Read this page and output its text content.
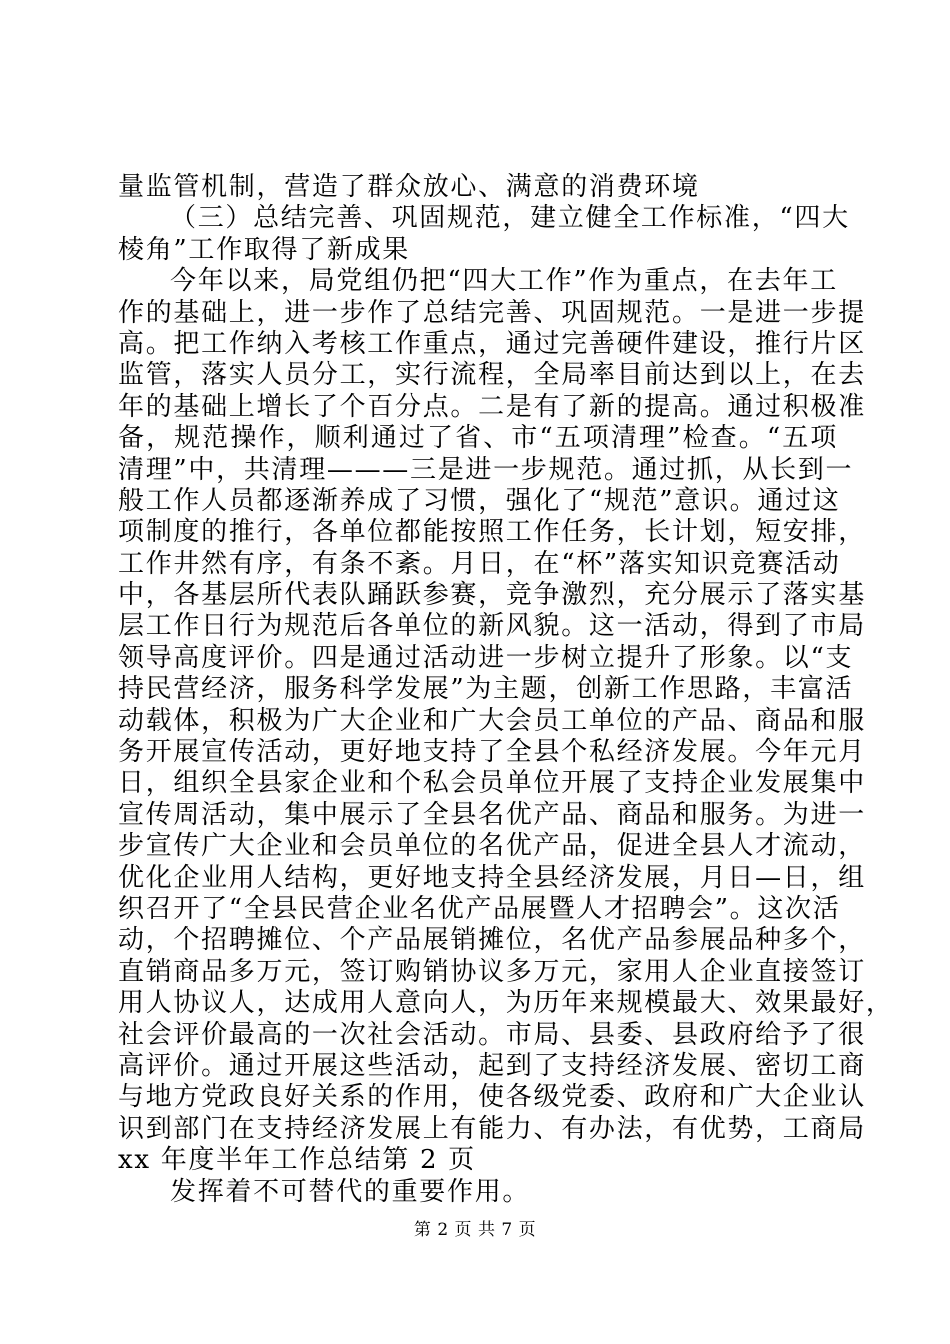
量监管机制，营造了群众放心、满意的消费环境
（三）总结完善、巩固规范，建立健全工作标准，“四大
棱角”工作取得了新成果
今年以来，局党组仍把“四大工作”作为重点，在去年工
作的基础上，进一步作了总结完善、巩固规范。一是进一步提
高。把工作纳入考核工作重点，通过完善硬件建设，推行片区
监管，落实人员分工，实行流程，全局率目前达到以上，在去
年的基础上增长了个百分点。二是有了新的提高。通过积极准
备，规范操作，顺利通过了省、市“五项清理”检查。“五项
清理”中，共清理———三是进一步规范。通过抓，从长到一
般工作人员都逐渐养成了习惯，强化了“规范”意识。通过这
项制度的推行，各单位都能按照工作任务，长计划，短安排，
工作井然有序，有条不紊。月日，在“杯”落实知识竞赛活动
中，各基层所代表队踊跃参赛，竞争激烈，充分展示了落实基
层工作日行为规范后各单位的新风貌。这一活动，得到了市局
领导高度评价。四是通过活动进一步树立提升了形象。以“支
持民营经济，服务科学发展”为主题，创新工作思路，丰富活
动载体，积极为广大企业和广大会员工单位的产品、商品和服
务开展宣传活动，更好地支持了全县个私经济发展。今年元月
日，组织全县家企业和个私会员单位开展了支持企业发展集中
宣传周活动，集中展示了全县名优产品、商品和服务。为进一
步宣传广大企业和会员单位的名优产品，促进全县人才流动，
优化企业用人结构，更好地支持全县经济发展，月日—日，组
织召开了“全县民营企业名优产品展暨人才招聘会”。这次活
动，个招聘摊位、个产品展销摊位，名优产品参展品种多个，
直销商品多万元，签订购销协议多万元，家用人企业直接签订
用人协议人，达成用人意向人，为历年来规模最大、效果最好，
社会评价最高的一次社会活动。市局、县委、县政府给予了很
高评价。通过开展这些活动，起到了支持经济发展、密切工商
与地方党政良好关系的作用，使各级党委、政府和广大企业认
识到部门在支持经济发展上有能力、有办法，有优势，工商局
xx 年度半年工作总结第 2 页
发挥着不可替代的重要作用。
第 2 页 共 7 页
